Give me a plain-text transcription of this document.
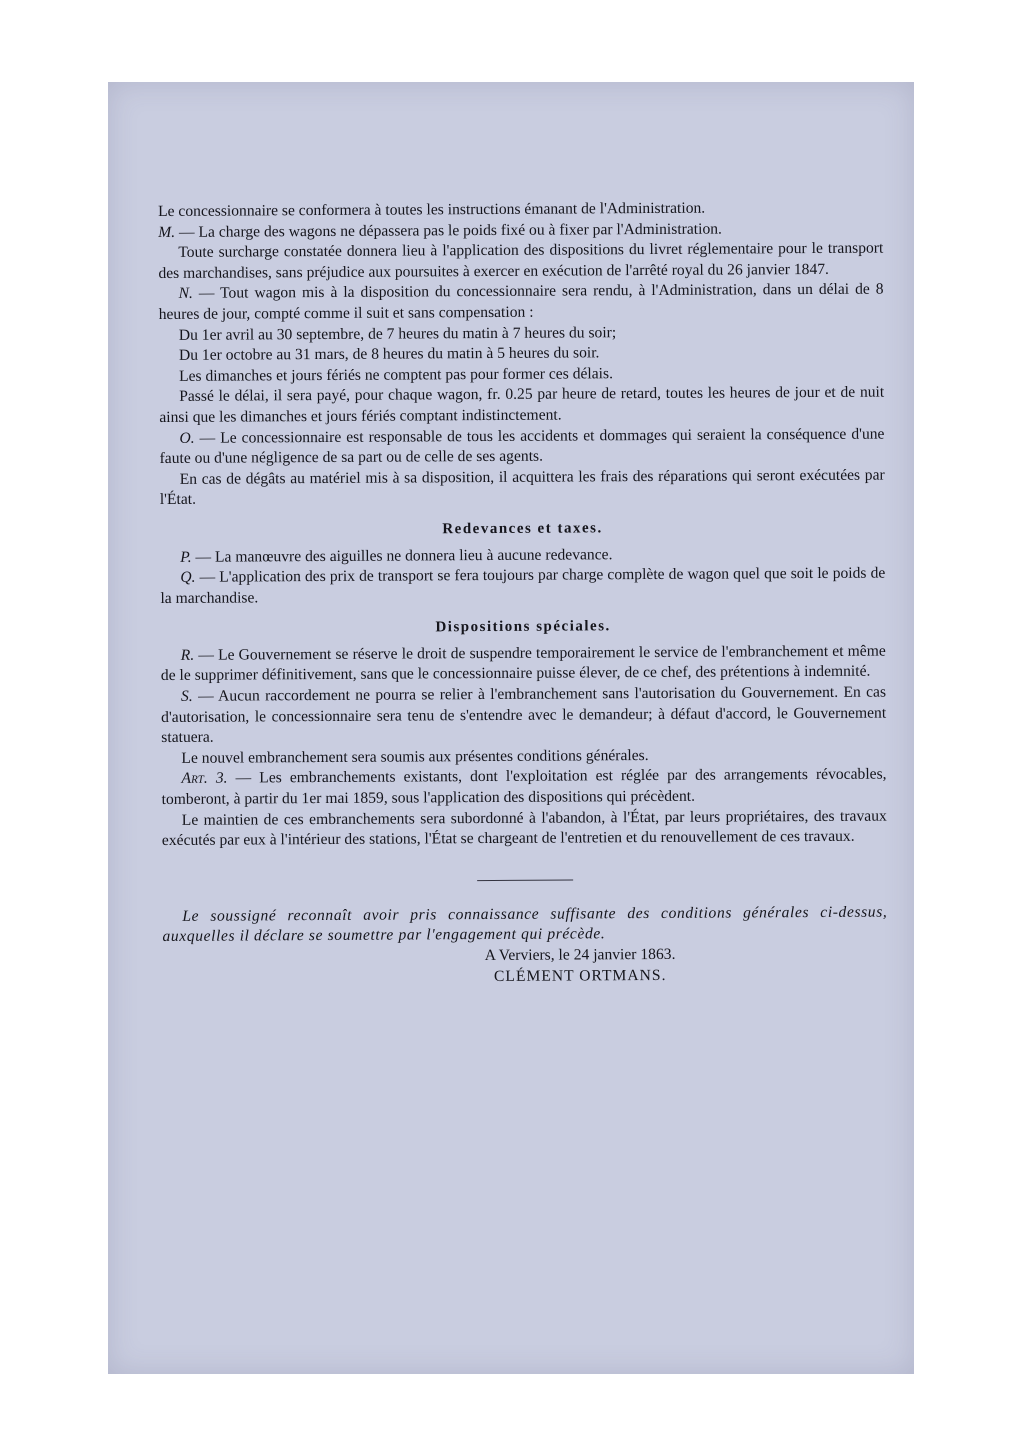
Le concessionnaire se conformera à toutes les instructions émanant de l'Administration.

M. — La charge des wagons ne dépassera pas le poids fixé ou à fixer par l'Administration.

Toute surcharge constatée donnera lieu à l'application des dispositions du livret réglementaire pour le transport des marchandises, sans préjudice aux poursuites à exercer en exécution de l'arrêté royal du 26 janvier 1847.

N. — Tout wagon mis à la disposition du concessionnaire sera rendu, à l'Administration, dans un délai de 8 heures de jour, compté comme il suit et sans compensation :

Du 1er avril au 30 septembre, de 7 heures du matin à 7 heures du soir;

Du 1er octobre au 31 mars, de 8 heures du matin à 5 heures du soir.

Les dimanches et jours fériés ne comptent pas pour former ces délais.

Passé le délai, il sera payé, pour chaque wagon, fr. 0.25 par heure de retard, toutes les heures de jour et de nuit ainsi que les dimanches et jours fériés comptant indistinctement.

O. — Le concessionnaire est responsable de tous les accidents et dommages qui seraient la conséquence d'une faute ou d'une négligence de sa part ou de celle de ses agents.

En cas de dégâts au matériel mis à sa disposition, il acquittera les frais des réparations qui seront exécutées par l'État.

Redevances et taxes.

P. — La manœuvre des aiguilles ne donnera lieu à aucune redevance.

Q. — L'application des prix de transport se fera toujours par charge complète de wagon quel que soit le poids de la marchandise.

Dispositions spéciales.

R. — Le Gouvernement se réserve le droit de suspendre temporairement le service de l'embranchement et même de le supprimer définitivement, sans que le concessionnaire puisse élever, de ce chef, des prétentions à indemnité.

S. — Aucun raccordement ne pourra se relier à l'embranchement sans l'autorisation du Gouvernement. En cas d'autorisation, le concessionnaire sera tenu de s'entendre avec le demandeur; à défaut d'accord, le Gouvernement statuera.

Le nouvel embranchement sera soumis aux présentes conditions générales.

Art. 3. — Les embranchements existants, dont l'exploitation est réglée par des arrangements révocables, tomberont, à partir du 1er mai 1859, sous l'application des dispositions qui précèdent.

Le maintien de ces embranchements sera subordonné à l'abandon, à l'État, par leurs propriétaires, des travaux exécutés par eux à l'intérieur des stations, l'État se chargeant de l'entretien et du renouvellement de ces travaux.

Le soussigné reconnaît avoir pris connaissance suffisante des conditions générales ci-dessus, auxquelles il déclare se soumettre par l'engagement qui précède.

A Verviers, le 24 janvier 1863.

CLÉMENT ORTMANS.
